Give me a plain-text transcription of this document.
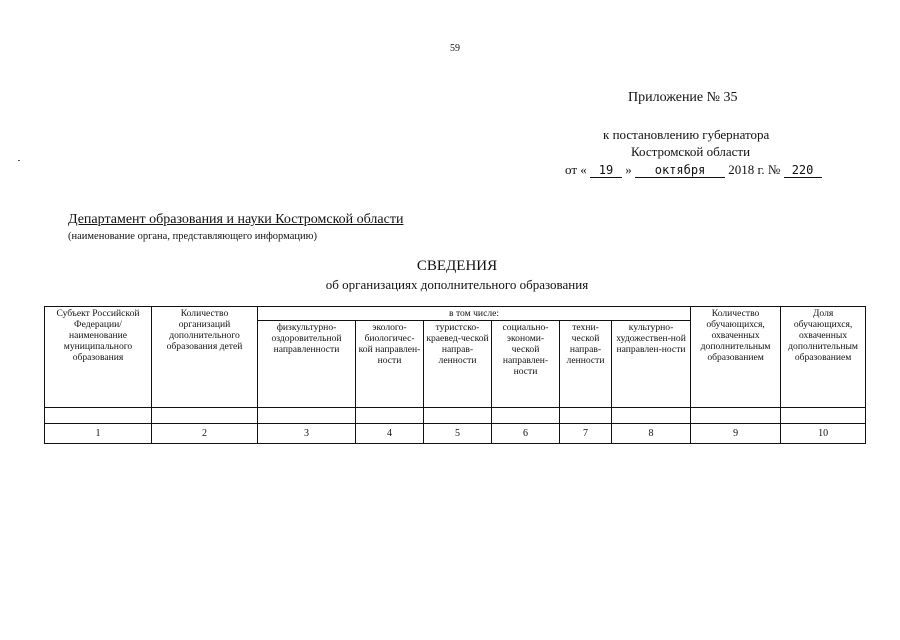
59
Приложение № 35
к постановлению губернатора
Костромской области
от « 19 » октября 2018 г. № 220
Департамент образования и науки Костромской области
(наименование органа, представляющего информацию)
СВЕДЕНИЯ
об организациях дополнительного образования
Субъект Российской Федерации/ наименование муниципального образования	Количество организаций дополнительного образования детей	в том числе:						Количество обучающихся, охваченных дополнительным образованием	Доля обучающихся, охваченных дополнительным образованием
		физкультурно-оздоровительной направленности	эколого-биологичес-кой направлен-ности	туристско-краевед-ческой направ-ленности	социально-экономи-ческой направлен-ности	техни-ческой направ-ленности	культурно-художествен-ной направлен-ности		

1	2	3	4	5	6	7	8	9	10
